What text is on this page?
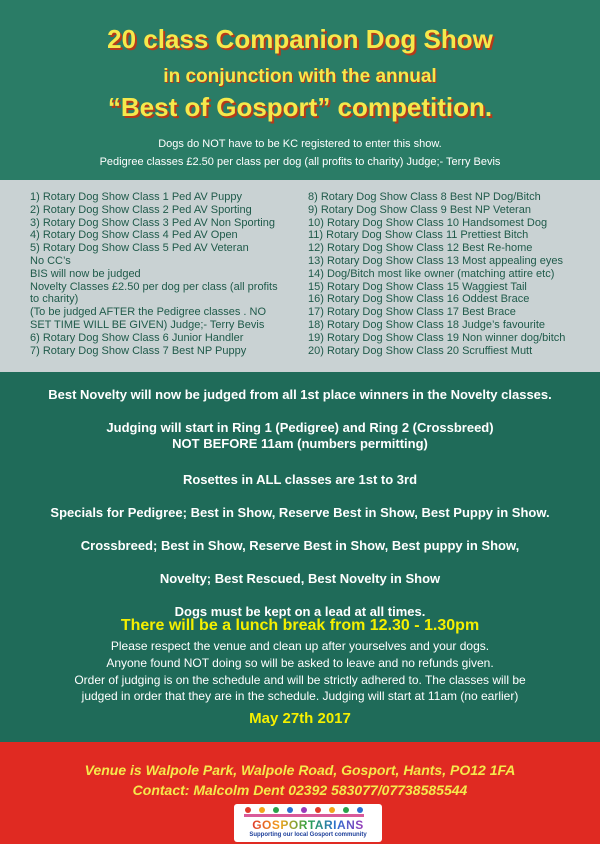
20 class Companion Dog Show
in conjunction with the annual
“Best of Gosport” competition.
Dogs do NOT have to be KC registered to enter this show.
Pedigree classes £2.50 per class per dog (all profits to charity) Judge;- Terry Bevis
1) Rotary Dog Show Class 1 Ped AV Puppy
2) Rotary Dog Show Class 2 Ped AV Sporting
3) Rotary Dog Show Class 3 Ped AV Non Sporting
4) Rotary Dog Show Class 4 Ped AV Open
5) Rotary Dog Show Class 5 Ped AV Veteran
No CC’s
BIS will now be judged
Novelty Classes £2.50 per dog per class (all profits to charity)
(To be judged AFTER the Pedigree classes . NO SET TIME WILL BE GIVEN) Judge;- Terry Bevis
6) Rotary Dog Show Class 6 Junior Handler
7) Rotary Dog Show Class 7 Best NP Puppy
8) Rotary Dog Show Class 8 Best NP Dog/Bitch
9) Rotary Dog Show Class 9 Best NP Veteran
10) Rotary Dog Show Class 10 Handsomest Dog
11) Rotary Dog Show Class 11 Prettiest Bitch
12) Rotary Dog Show Class 12 Best Re-home
13) Rotary Dog Show Class 13 Most appealing eyes
14) Dog/Bitch most like owner (matching attire etc)
15) Rotary Dog Show Class 15 Waggiest Tail
16) Rotary Dog Show Class 16 Oddest Brace
17) Rotary Dog Show Class 17 Best Brace
18) Rotary Dog Show Class 18 Judge’s favourite
19) Rotary Dog Show Class 19 Non winner dog/bitch
20) Rotary Dog Show Class 20 Scruffiest Mutt
Best Novelty will now be judged from all 1st place winners in the Novelty classes.
Judging will start in Ring 1 (Pedigree) and Ring 2 (Crossbreed)
NOT BEFORE 11am (numbers permitting)
Rosettes in ALL classes are 1st to 3rd
Specials for Pedigree; Best in Show, Reserve Best in Show, Best Puppy in Show.
Crossbreed; Best in Show, Reserve Best in Show, Best puppy in Show,
Novelty; Best Rescued, Best Novelty in Show
Dogs must be kept on a lead at all times.
There will be a lunch break from 12.30 - 1.30pm
Please respect the venue and clean up after yourselves and your dogs.
Anyone found NOT doing so will be asked to leave and no refunds given.
Order of judging is on the schedule and will be strictly adhered to. The classes will be
judged in order that they are in the schedule. Judging will start at 11am (no earlier)
May 27th 2017
Venue is Walpole Park, Walpole Road, Gosport, Hants, PO12 1FA
Contact: Malcolm Dent 02392 583077/07738585544
GOSPORTARIANS
Supporting our local Gosport community
